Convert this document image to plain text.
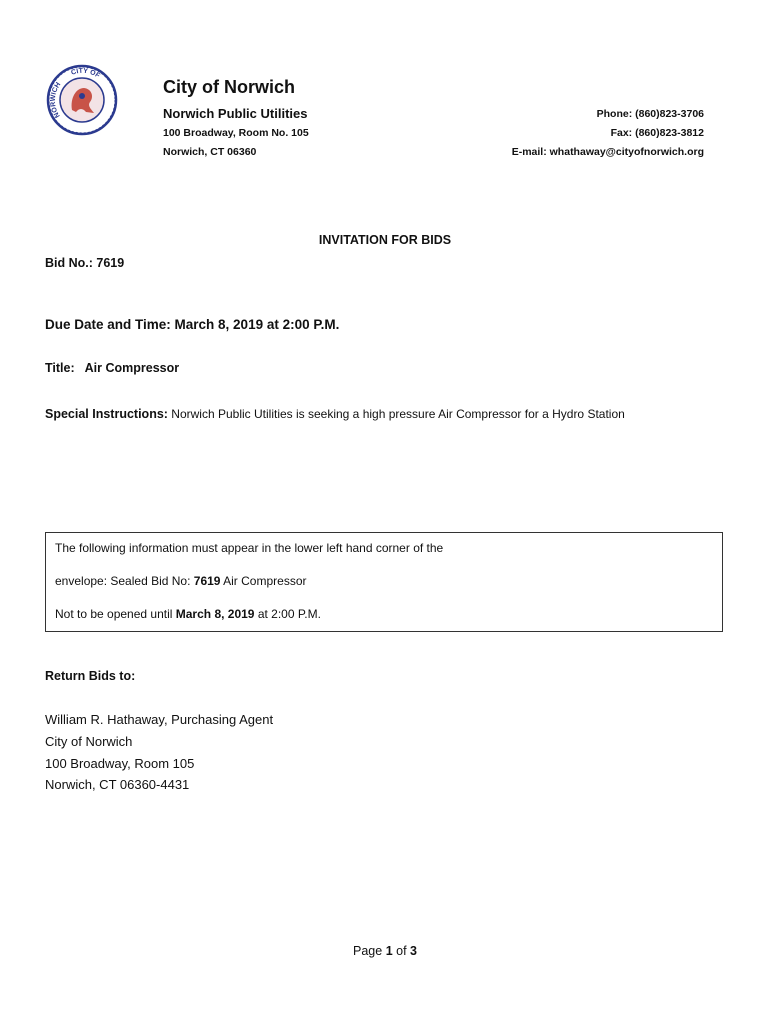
NORWICH
CITY OF
City of Norwich
Norwich Public Utilities
100 Broadway, Room No. 105
Norwich, CT 06360
Phone: (860)823-3706
Fax: (860)823-3812
E-mail: whathaway@cityofnorwich.org
INVITATION FOR BIDS
Bid No.: 7619
Due Date and Time: March 8, 2019 at 2:00 P.M.
Title: Air Compressor
Special Instructions: Norwich Public Utilities is seeking a high pressure Air Compressor for a Hydro Station
The following information must appear in the lower left hand corner of the
envelope: Sealed Bid No: 7619 Air Compressor
Not to be opened until March 8, 2019 at 2:00 P.M.
Return Bids to:
William R. Hathaway, Purchasing Agent
City of Norwich
100 Broadway, Room 105
Norwich, CT 06360-4431
Page 1 of 3
